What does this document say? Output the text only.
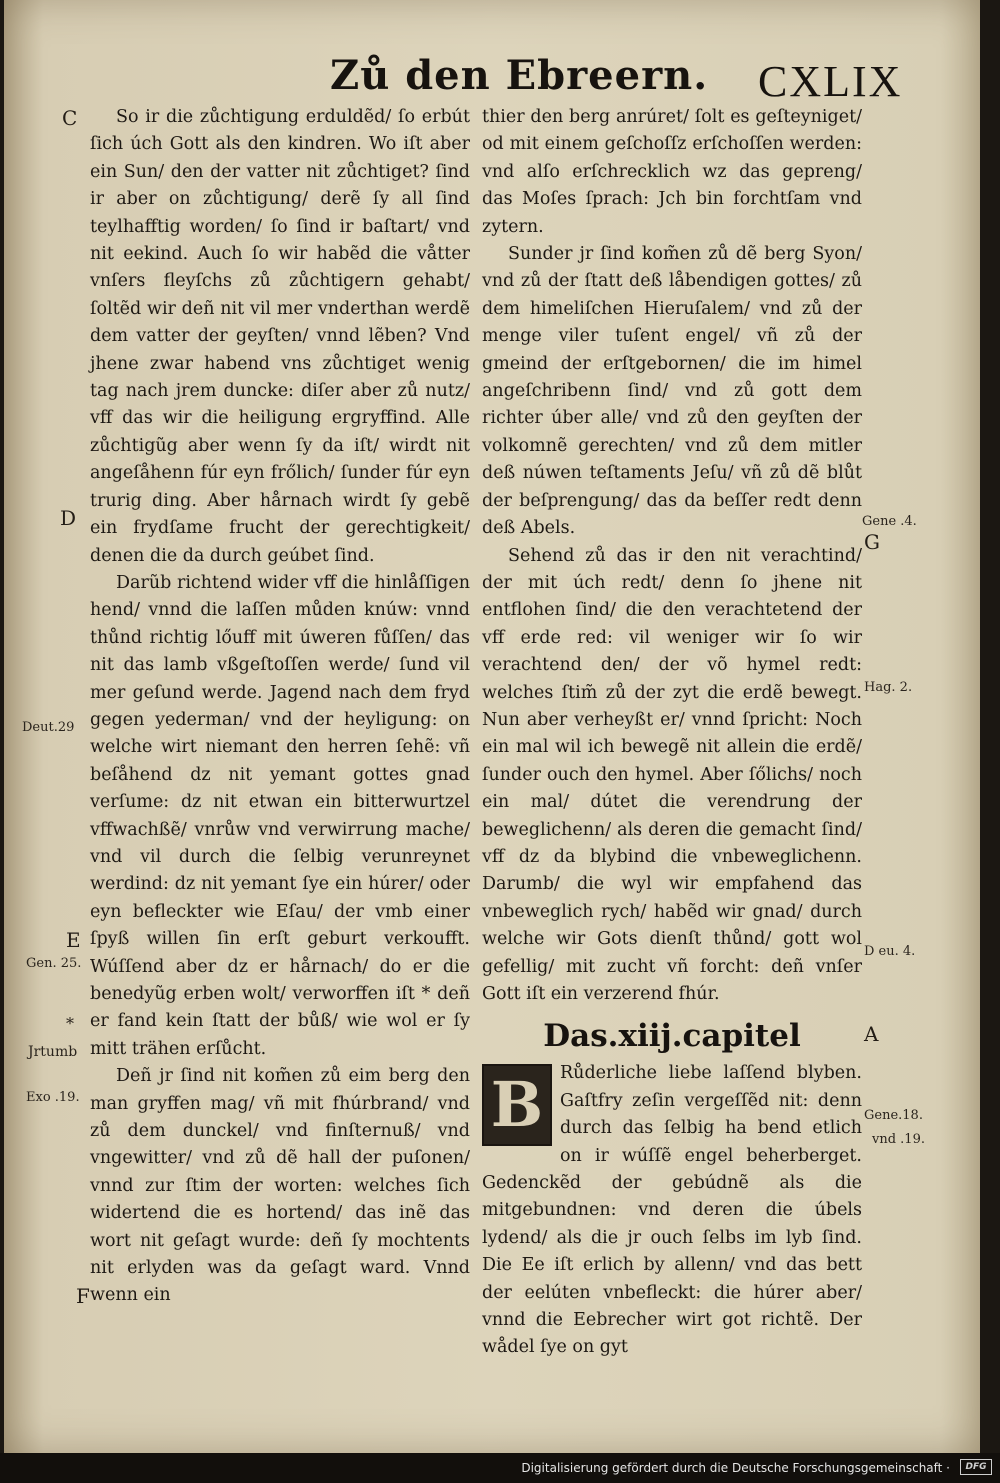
Zů den Ebreern. CXLIX

So ir die zůchtigung erduldẽd/ ſo erbút ſich úch Gott als den kindren. Wo iſt aber ein Sun/ den der vatter nit zůchtiget? ſind ir aber on zůchtigung/ derẽ ſy all ſind teylhafftig worden/ ſo ſind ir baſtart/ vnd nit eekind. Auch ſo wir habẽd die våtter vnſers fleyſchs zů zůchtigern gehabt/ ſoltẽd wir deñ nit vil mer vnderthan werdẽ dem vatter der geyſten/ vnnd lẽben? Vnd jhene zwar habend vns zůchtiget wenig tag nach jrem duncke: diſer aber zů nutz/ vff das wir die heiligung ergryffind. Alle zůchtigũg aber wenn ſy da iſt/ wirdt nit angeſåhenn fúr eyn frőlich/ ſunder fúr eyn trurig ding. Aber hårnach wirdt ſy gebẽ ein frydſame frucht der gerechtigkeit/ denen die da durch geúbet ſind.

Darũb richtend wider vff die hinlåſſigen hend/ vnnd die laſſen můden knúw: vnnd thůnd richtig lőuff mit úweren fůſſen/ das nit das lamb vßgeſtoſſen werde/ ſund vil mer geſund werde. Jagend nach dem fryd gegen yederman/ vnd der heyligung: on welche wirt niemant den herren ſehẽ: vñ beſåhend dz nit yemant gottes gnad verſume: dz nit etwan ein bitterwurtzel vffwachßẽ/ vnrůw vnd verwirrung mache/ vnd vil durch die ſelbig verunreynet werdind: dz nit yemant ſye ein húrer/ oder eyn befleckter wie Eſau/ der vmb einer ſpyß willen ſin erſt geburt verkoufft. Wúſſend aber dz er hårnach/ do er die benedyũg erben wolt/ verworffen iſt * deñ er fand kein ſtatt der bůß/ wie wol er ſy mitt trähen erſůcht.

Deñ jr ſind nit kom̃en zů eim berg den man gryffen mag/ vñ mit fhúrbrand/ vnd zů dem dunckel/ vnd finſternuß/ vnd vngewitter/ vnd zů dẽ hall der puſonen/ vnnd zur ſtim der worten: welches ſich widertend die es hortend/ das inẽ das wort nit geſagt wurde: deñ ſy mochtents nit erlyden was da geſagt ward. Vnnd wenn ein

thier den berg anrúret/ ſolt es geſteyniget/ od mit einem geſchoſſz erſchoſſen werden: vnd alſo erſchrecklich wz das gepreng/ das Moſes ſprach: Jch bin forchtſam vnd zytern.

Sunder jr ſind kom̃en zů dẽ berg Syon/ vnd zů der ſtatt deß låbendigen gottes/ zů dem himeliſchen Hieruſalem/ vnd zů der menge viler tuſent engel/ vñ zů der gmeind der erſtgebornen/ die im himel angeſchribenn ſind/ vnd zů gott dem richter úber alle/ vnd zů den geyſten der volkomnẽ gerechten/ vnd zů dem mitler deß núwen teſtaments Jeſu/ vñ zů dẽ blůt der beſprengung/ das da beſſer redt denn deß Abels.

Sehend zů das ir den nit verachtind/ der mit úch redt/ denn ſo jhene nit entflohen ſind/ die den verachtetend der vff erde red: vil weniger wir ſo wir verachtend den/ der võ hymel redt: welches ſtim̃ zů der zyt die erdẽ bewegt. Nun aber verheyßt er/ vnnd ſpricht: Noch ein mal wil ich bewegẽ nit allein die erdẽ/ ſunder ouch den hymel. Aber ſőlichs/ noch ein mal/ dútet die verendrung der beweglichenn/ als deren die gemacht ſind/ vff dz da blybind die vnbeweglichenn. Darumb/ die wyl wir empfahend das vnbeweglich rych/ habẽd wir gnad/ durch welche wir Gots dienſt thůnd/ gott wol gefellig/ mit zucht vñ forcht: deñ vnſer Gott iſt ein verzerend fhúr.

Das.xiij.capitel

B Růderliche liebe laſſend blyben. Gaſtfry zeſin vergeſſẽd nit: denn durch das ſelbig ha bend etlich on ir wúſſẽ engel beherberget. Gedenckẽd der gebúdnẽ als die mitgebundnen: vnd deren die úbels lydend/ als die jr ouch ſelbs im lyb ſind. Die Ee iſt erlich by allenn/ vnd das bett der eelúten vnbefleckt: die húrer aber/ vnnd die Eebrecher wirt got richtẽ. Der wådel ſye on gyt

C
D
Deut.29
E
Gen. 25.
*
Jrtumb
Exo .19.
F
Gene .4.
G
Hag. 2.
D eu. 4.
A
Gene.18.
vnd .19.
Digitalisierung gefördert durch die Deutsche Forschungsgemeinschaft ·	DFG
